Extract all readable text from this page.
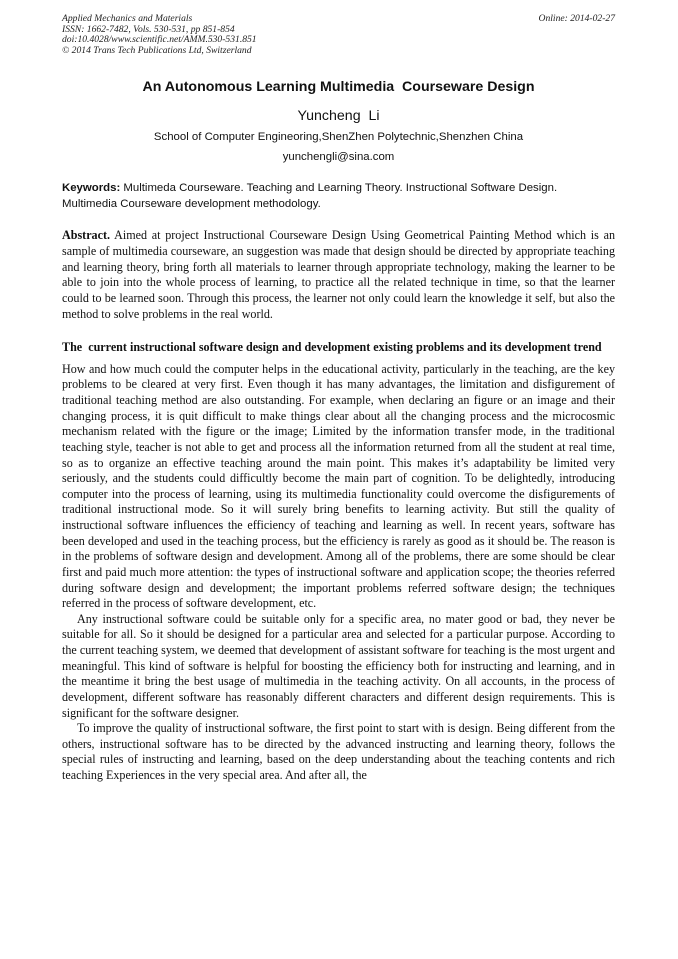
Applied Mechanics and Materials
ISSN: 1662-7482, Vols. 530-531, pp 851-854
doi:10.4028/www.scientific.net/AMM.530-531.851
© 2014 Trans Tech Publications Ltd, Switzerland
Online: 2014-02-27
An Autonomous Learning Multimedia  Courseware Design
Yuncheng  Li
School of Computer Engineoring,ShenZhen Polytechnic,Shenzhen China
yunchengli@sina.com
Keywords: Multimeda Courseware. Teaching and Learning Theory. Instructional Software Design. Multimedia Courseware development methodology.
Abstract. Aimed at project Instructional Courseware Design Using Geometrical Painting Method which is an sample of multimedia courseware, an suggestion was made that design should be directed by appropriate teaching and learning theory, bring forth all materials to learner through appropriate technology, making the learner to be able to join into the whole process of learning, to practice all the related technique in time, so that the learner could to be learned soon. Through this process, the learner not only could learn the knowledge it self, but also the method to solve problems in the real world.
The  current instructional software design and development existing problems and its development trend

How and how much could the computer helps in the educational activity, particularly in the teaching, are the key problems to be cleared at very first. Even though it has many advantages, the limitation and disfigurement of traditional teaching method are also outstanding. For example, when declaring an figure or an image and their changing process, it is quit difficult to make things clear about all the changing process and the microcosmic mechanism related with the figure or the image; Limited by the information transfer mode, in the traditional teaching style, teacher is not able to get and process all the information returned from all the student at real time, so as to organize an effective teaching around the main point. This makes it’s adaptability be limited very seriously, and the students could difficultly become the main part of cognition. To be delightedly, introducing computer into the process of learning, using its multimedia functionality could overcome the disfigurements of traditional instructional mode. So it will surely bring benefits to learning activity. But still the quality of instructional software influences the efficiency of teaching and learning as well. In recent years, software has been developed and used in the teaching process, but the efficiency is rarely as good as it should be. The reason is in the problems of software design and development. Among all of the problems, there are some should be clear first and paid much more attention: the types of instructional software and application scope; the theories referred during software design and development; the important problems referred software design; the techniques referred in the process of software development, etc.

Any instructional software could be suitable only for a specific area, no mater good or bad, they never be suitable for all. So it should be designed for a particular area and selected for a particular purpose. According to the current teaching system, we deemed that development of assistant software for teaching is the most urgent and meaningful. This kind of software is helpful for boosting the efficiency both for instructing and learning, and in the meantime it bring the best usage of multimedia in the teaching activity. On all accounts, in the process of development, different software has reasonably different characters and different design requirements. This is significant for the software designer.

To improve the quality of instructional software, the first point to start with is design. Being different from the others, instructional software has to be directed by the advanced instructing and learning theory, follows the special rules of instructing and learning, based on the deep understanding about the teaching contents and rich teaching Experiences in the very special area. And after all, the
